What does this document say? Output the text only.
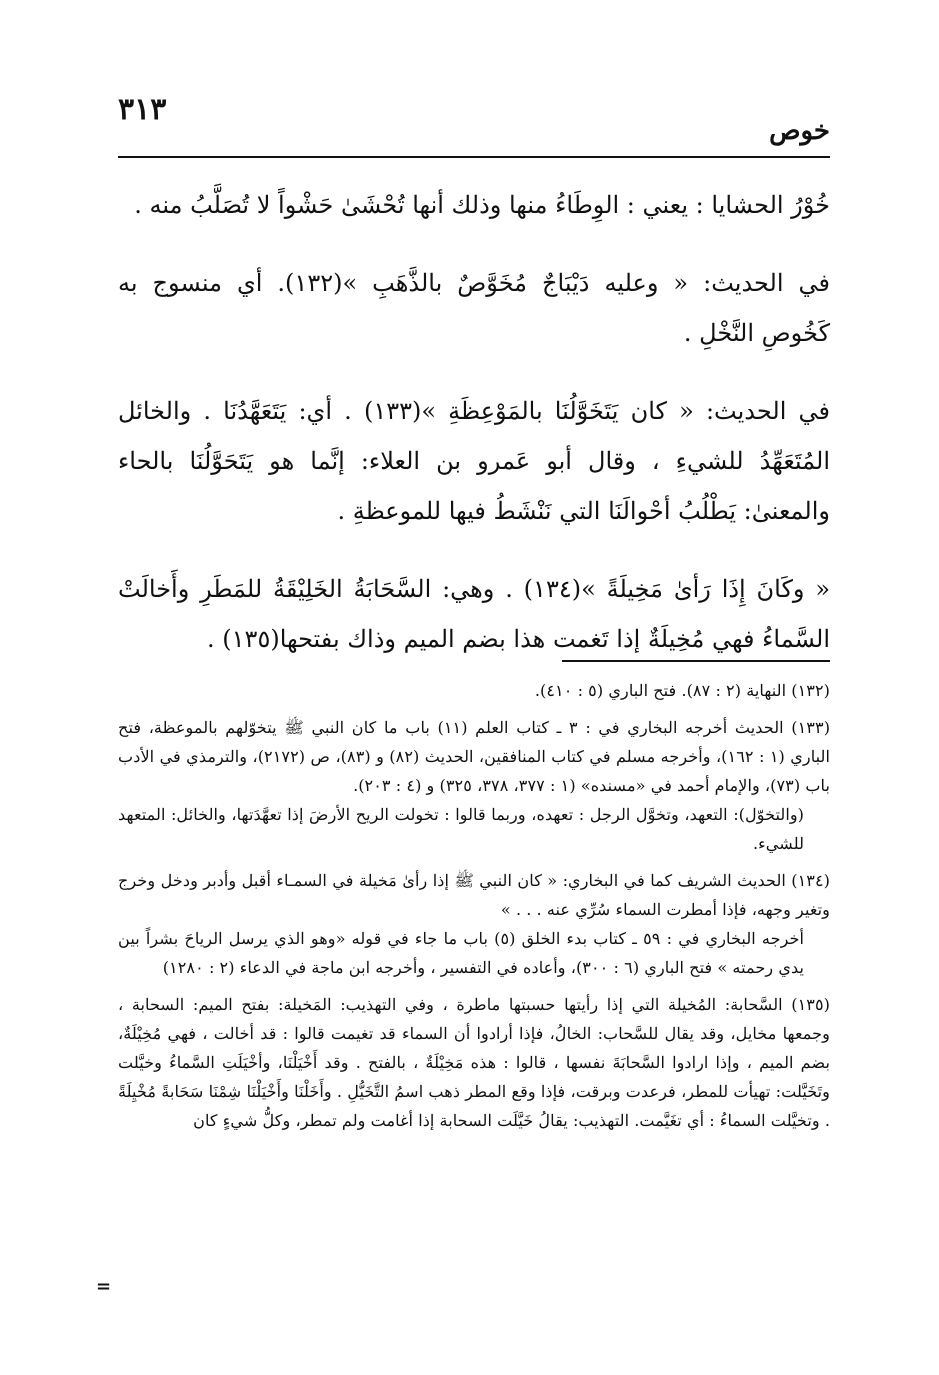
٣١٣
خوص

خُوْرُ الحشايا : يعني : الوِطَاءُ منها وذلك أنها تُحْشَىٰ حَشْواً لا تُصَلَّبُ منه .

في الحديث: « وعليه دَيْبَاجٌ مُخَوَّصٌ بالذَّهَبِ »(١٣٢). أي منسوج به كَخُوصِ النَّخْلِ .

في الحديث: « كان يَتَخَوَّلُنَا بالمَوْعِظَةِ »(١٣٣) . أي: يَتَعَهَّدُنَا . والخائل المُتَعَهِّدُ للشيءِ ، وقال أبو عَمرو بن العلاء: إنَّما هو يَتَحَوَّلُنَا بالحاء والمعنىٰ: يَطْلُبُ أحْوالَنَا التي نَنْشَطُ فيها للموعظةِ .

« وكَانَ إِذَا رَأىٰ مَخِيلَةً »(١٣٤) . وهي: السَّحَابَةُ الخَلِيْقَةُ للمَطَرِ وأَخالَتْ السَّماءُ فهي مُخِيلَةٌ إذا تَغمت هذا بضم الميم وذاك بفتحها(١٣٥) .

(١٣٢) النهاية (٢ : ٨٧). فتح الباري (٥ : ٤١٠).

(١٣٣) الحديث أخرجه البخاري في : ٣ ـ كتاب العلم (١١) باب ما كان النبي ﷺ يتخوّلهم بالموعظة، فتح الباري (١ : ١٦٢)، وأخرجه مسلم في كتاب المنافقين، الحديث (٨٢) و (٨٣)، ص (٢١٧٢)، والترمذي في الأدب باب (٧٣)، والإمام أحمد في «مسنده» (١ : ٣٧٧، ٣٧٨، ٣٢٥) و (٤ : ٢٠٣).

(والتخوّل): التعهد، وتخوَّل الرجل : تعهده، وربما قالوا : تخولت الريح الأرضَ إذا تعهَّدَتها، والخائل: المتعهد للشيء.

(١٣٤) الحديث الشريف كما في البخاري: « كان النبي ﷺ إذا رأىٰ مَخيلة في السمـاء أقبل وأدبر ودخل وخرج وتغير وجهه، فإذا أمطرت السماء سُرِّي عنه . . . »

أخرجه البخاري في : ٥٩ ـ كتاب بدء الخلق (٥) باب ما جاء في قوله «وهو الذي يرسل الرياحَ بشراً بين يدي رحمته » فتح الباري (٦ : ٣٠٠)، وأعاده في التفسير ، وأخرجه ابن ماجة في الدعاء (٢ : ١٢٨٠)

(١٣٥) السَّحابة: المُخيلة التي إذا رأيتها حسبتها ماطرة ، وفي التهذيب: المَخيلة: بفتح الميم: السحابة ، وجمعها مخايل، وقد يقال للسَّحاب: الخالُ، فإذا أرادوا أن السماء قد تغيمت قالوا : قد أخالت ، فهي مُخِيْلَةٌ، بضم الميم ، وإذا ارادوا السَّحابَةَ نفسها ، قالوا : هذه مَخِيْلَةٌ ، بالفتح . وقد أَخْيَلْنَا، وأخْيَلَتِ السَّماءُ وخيَّلت وتَخَيَّلت: تهيأت للمطر، فرعدت وبرقت، فإذا وقع المطر ذهب اسمُ التَّخَيُّلِ . وأَخَلْنَا وأَخْيَلْنَا شِمْنَا سَحَابةً مُخْيِلَةً . وتخيَّلت السماءُ : أي تغَيَّمت. التهذيب: يقالُ خَيَّلَت السحابة إذا أغامت ولم تمطر، وكلُّ شيءٍ كان

=
